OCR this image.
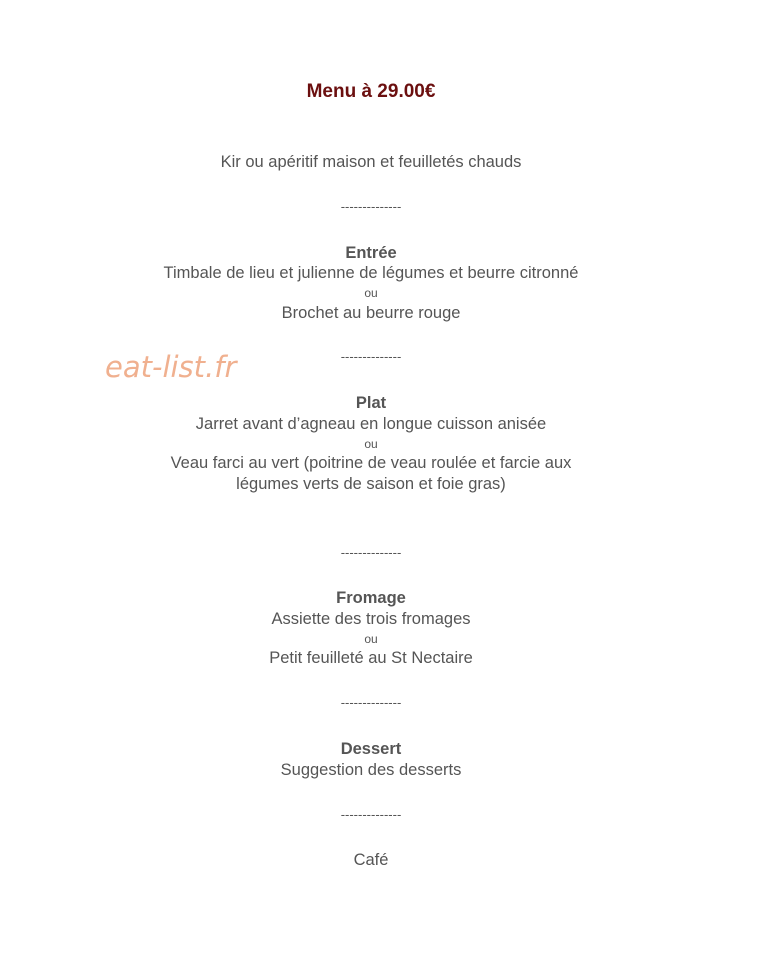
Menu à 29.00€
Kir ou apéritif maison et feuilletés chauds
--------------
Entrée
Timbale de lieu et julienne de légumes et beurre citronné
ou
Brochet au beurre rouge
--------------
Plat
Jarret avant d’agneau en longue cuisson anisée
ou
Veau farci au vert (poitrine de veau roulée et farcie aux
légumes verts de saison et foie gras)
--------------
Fromage
Assiette des trois fromages
ou
Petit feuilleté au St Nectaire
--------------
Dessert
Suggestion des desserts
--------------
Café
eat-list.fr
